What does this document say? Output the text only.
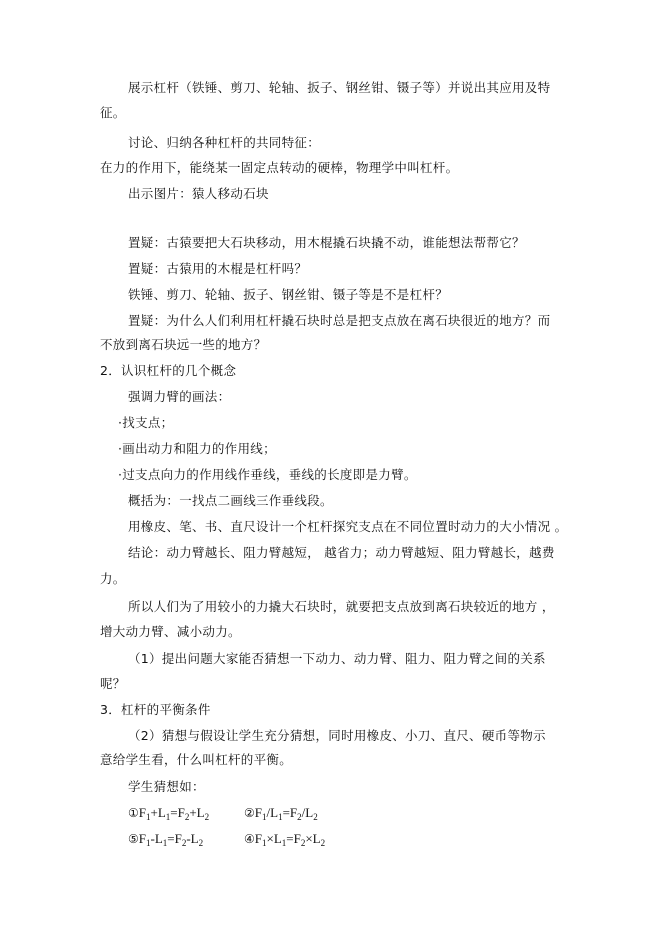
展示杠杆（铁锤、剪刀、轮轴、扳子、钢丝钳、镊子等）并说出其应用及特
征。
讨论、归纳各种杠杆的共同特征：
在力的作用下，能绕某一固定点转动的硬棒，物理学中叫杠杆。
出示图片：猿人移动石块
置疑：古猿要把大石块移动，用木棍撬石块撬不动，谁能想法帮帮它？
置疑：古猿用的木棍是杠杆吗？
铁锤、剪刀、轮轴、扳子、钢丝钳、镊子等是不是杠杆？
置疑：为什么人们利用杠杆撬石块时总是把支点放在离石块很近的地方？而
不放到离石块远一些的地方？
2．认识杠杆的几个概念
强调力臂的画法：
·找支点；
·画出动力和阻力的作用线；
·过支点向力的作用线作垂线，垂线的长度即是力臂。
概括为：一找点二画线三作垂线段。
用橡皮、笔、书、直尺设计一个杠杆探究支点在不同位置时动力的大小情况 。
结论：动力臂越长、阻力臂越短， 越省力；动力臂越短、阻力臂越长，越费
力。
所以人们为了用较小的力撬大石块时，就要把支点放到离石块较近的地方 ，
增大动力臂、减小动力。
（1）提出问题大家能否猜想一下动力、动力臂、阻力、阻力臂之间的关系
呢？
3．杠杆的平衡条件
（2）猜想与假设让学生充分猜想，同时用橡皮、小刀、直尺、硬币等物示
意给学生看，什么叫杠杆的平衡。
学生猜想如：
$①F_1+L_1=F_2+L_2$	$②F_1/L_1=F_2/L_2$
$⑤F_1-L_1=F_2-L_2$	$④F_1\times L_1=F_2\times L_2$
